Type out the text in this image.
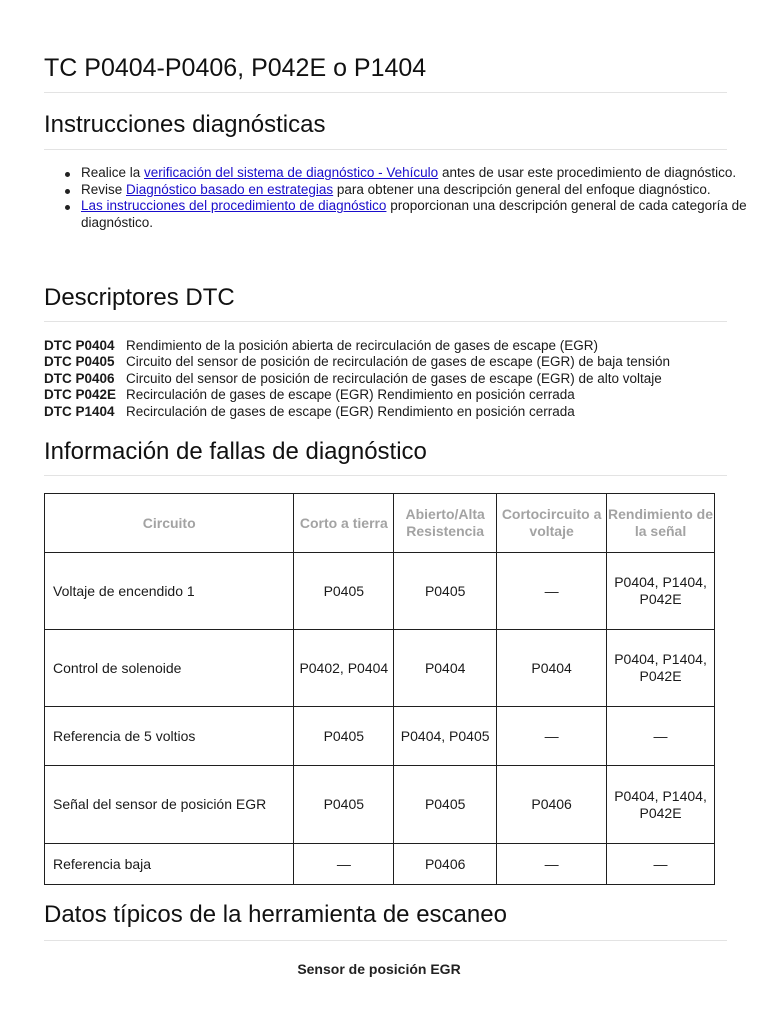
TC P0404-P0406, P042E o P1404
Instrucciones diagnósticas
Realice la verificación del sistema de diagnóstico - Vehículo antes de usar este procedimiento de diagnóstico.
Revise Diagnóstico basado en estrategias para obtener una descripción general del enfoque diagnóstico.
Las instrucciones del procedimiento de diagnóstico proporcionan una descripción general de cada categoría de diagnóstico.
Descriptores DTC
DTC P0404 Rendimiento de la posición abierta de recirculación de gases de escape (EGR)
DTC P0405 Circuito del sensor de posición de recirculación de gases de escape (EGR) de baja tensión
DTC P0406 Circuito del sensor de posición de recirculación de gases de escape (EGR) de alto voltaje
DTC P042E Recirculación de gases de escape (EGR) Rendimiento en posición cerrada
DTC P1404 Recirculación de gases de escape (EGR) Rendimiento en posición cerrada
Información de fallas de diagnóstico
Circuito	Corto a tierra	Abierto/Alta Resistencia	Cortocircuito a voltaje	Rendimiento de la señal
Voltaje de encendido 1	P0405	P0405	—	P0404, P1404, P042E
Control de solenoide	P0402, P0404	P0404	P0404	P0404, P1404, P042E
Referencia de 5 voltios	P0405	P0404, P0405	—	—
Señal del sensor de posición EGR	P0405	P0405	P0406	P0404, P1404, P042E
Referencia baja	—	P0406	—	—
Datos típicos de la herramienta de escaneo
Sensor de posición EGR
